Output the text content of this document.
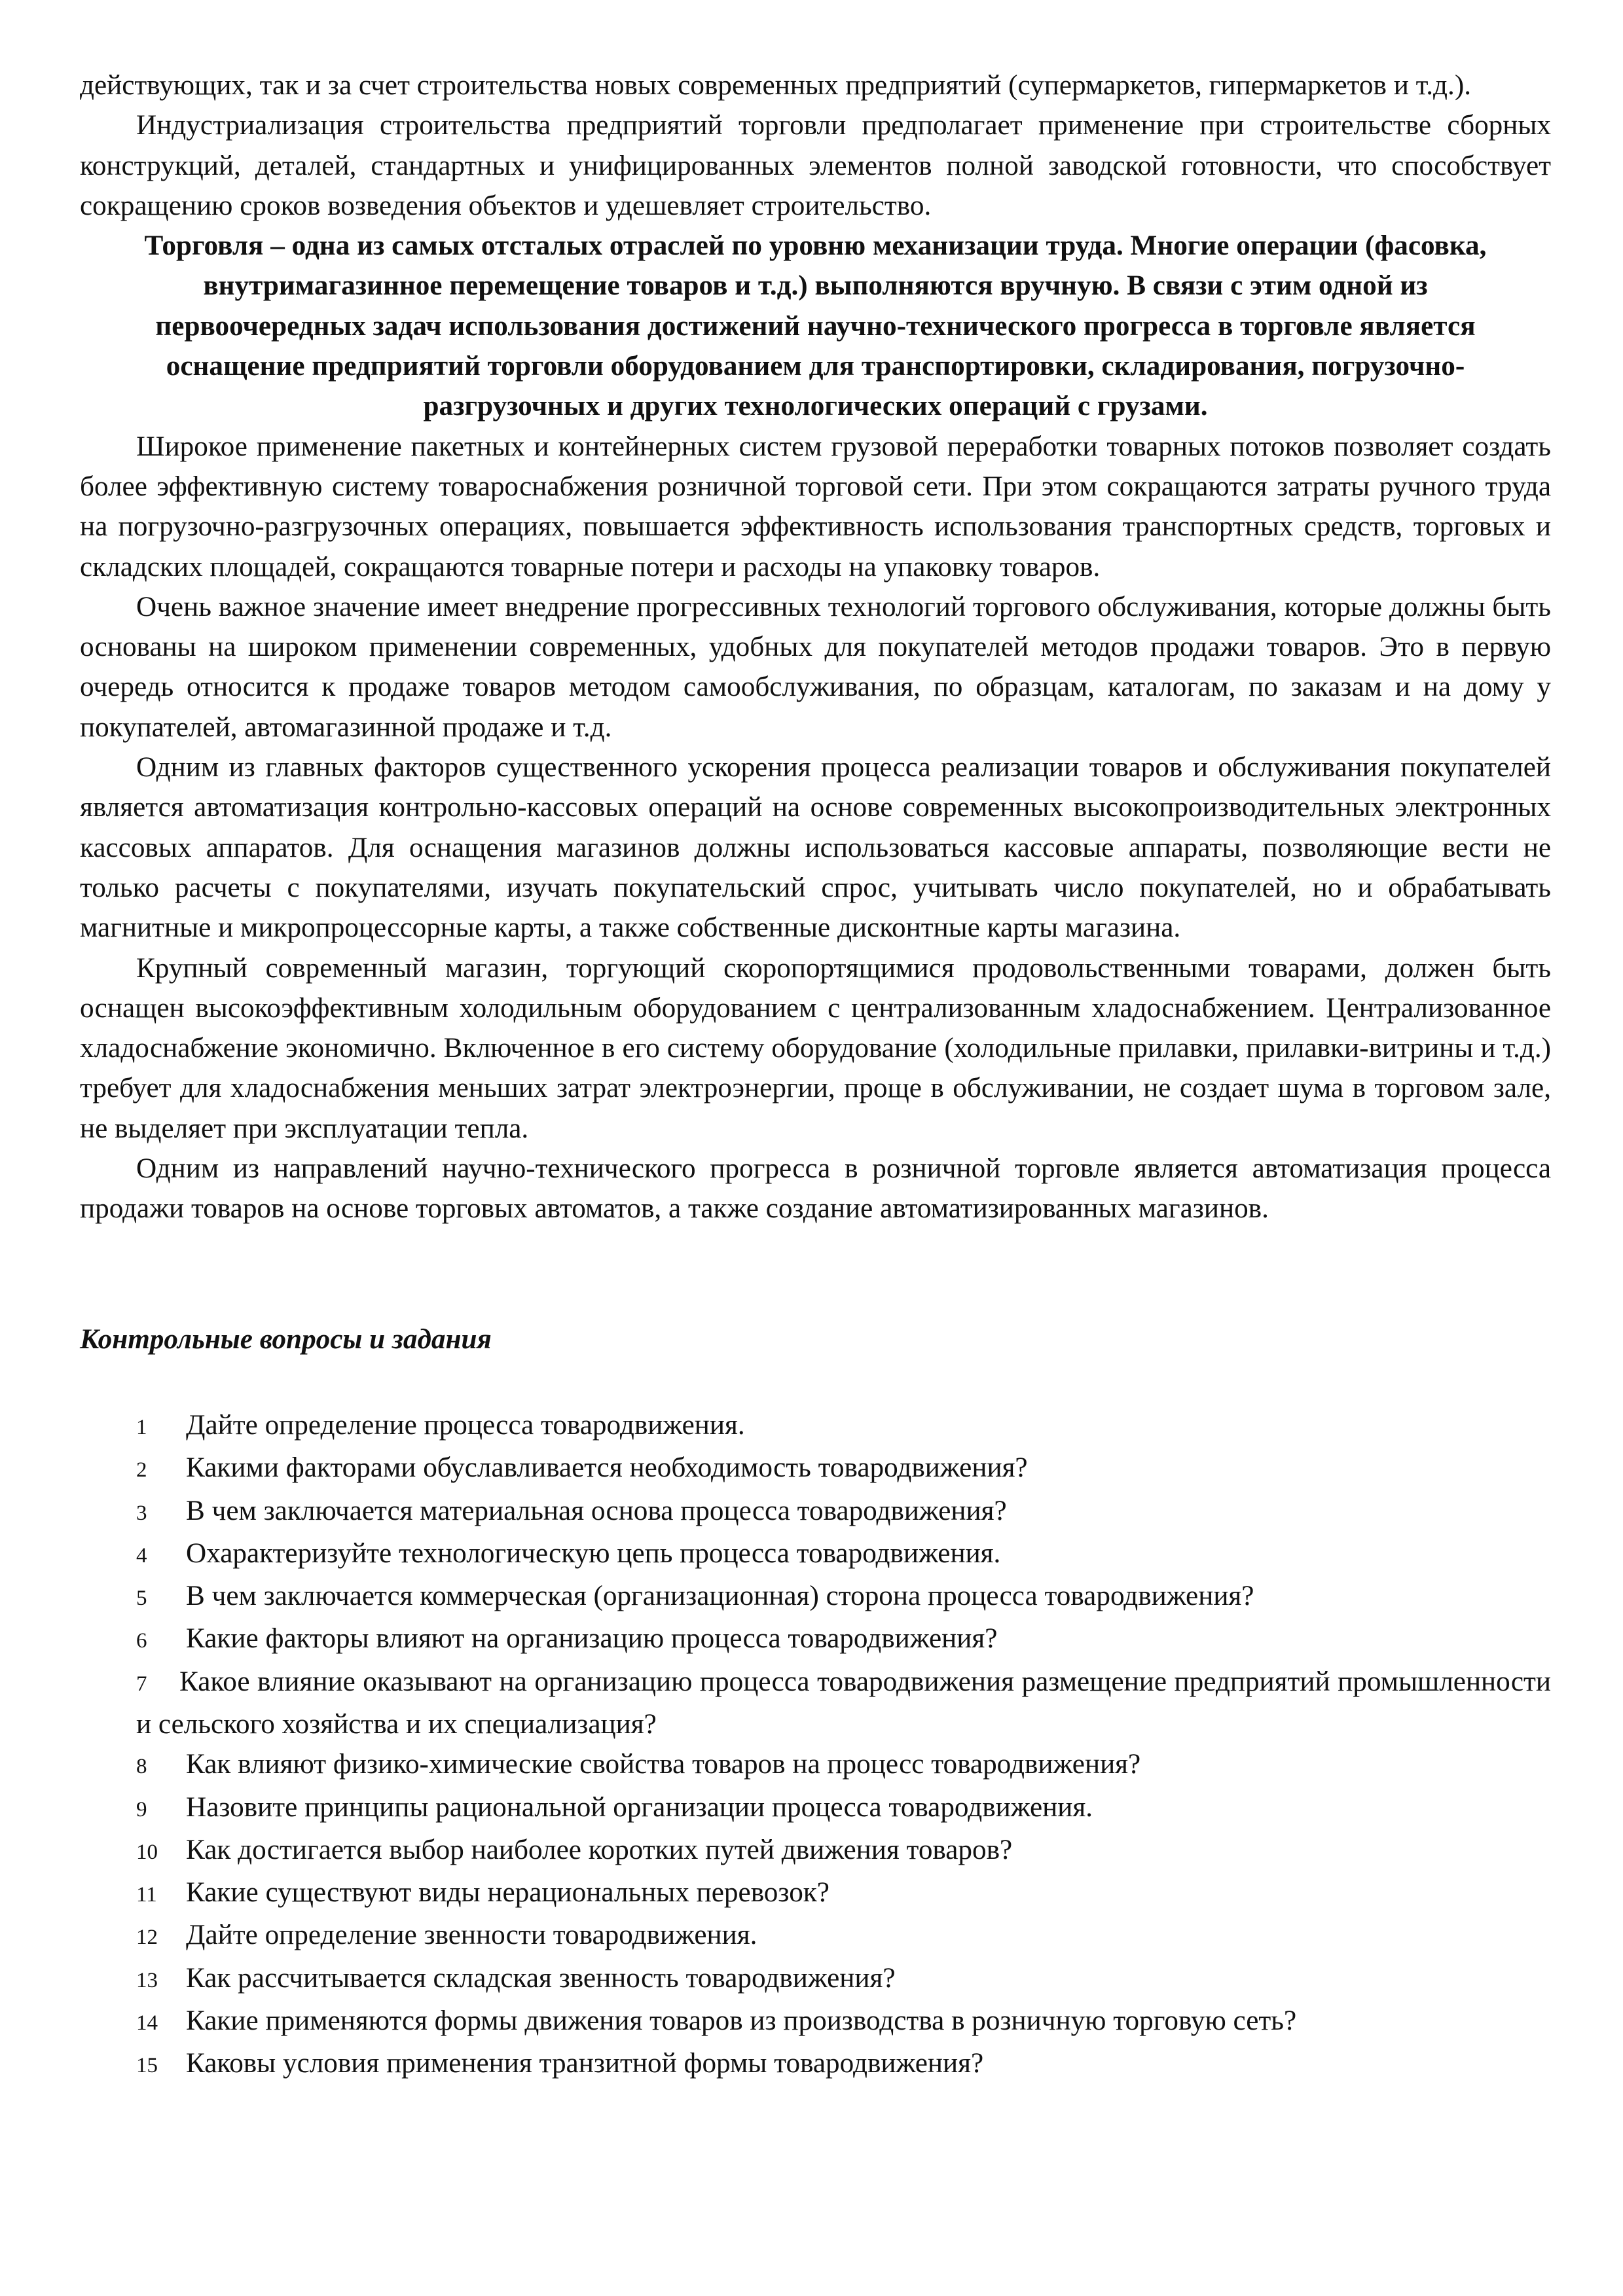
действующих, так и за счет строительства новых современных предприятий (супермаркетов, гипермаркетов и т.д.).

Индустриализация строительства предприятий торговли предполагает применение при строительстве сборных конструкций, деталей, стандартных и унифицированных элементов полной заводской готовности, что способствует сокращению сроков возведения объектов и удешевляет строительство.

Торговля – одна из самых отсталых отраслей по уровню механизации труда. Многие операции (фасовка, внутримагазинное перемещение товаров и т.д.) выполняются вручную. В связи с этим одной из первоочередных задач использования достижений научно-технического прогресса в торговле является оснащение предприятий торговли оборудованием для транспортировки, складирования, погрузочно-разгрузочных и других технологических операций с грузами.

Широкое применение пакетных и контейнерных систем грузовой переработки товарных потоков позволяет создать более эффективную систему товароснабжения розничной торговой сети. При этом сокращаются затраты ручного труда на погрузочно-разгрузочных операциях, повышается эффективность использования транспортных средств, торговых и складских площадей, сокращаются товарные потери и расходы на упаковку товаров.

Очень важное значение имеет внедрение прогрессивных технологий торгового обслуживания, которые должны быть основаны на широком применении современных, удобных для покупателей методов продажи товаров. Это в первую очередь относится к продаже товаров методом самообслуживания, по образцам, каталогам, по заказам и на дому у покупателей, автомагазинной продаже и т.д.

Одним из главных факторов существенного ускорения процесса реализации товаров и обслуживания покупателей является автоматизация контрольно-кассовых операций на основе современных высокопроизводительных электронных кассовых аппаратов. Для оснащения магазинов должны использоваться кассовые аппараты, позволяющие вести не только расчеты с покупателями, изучать покупательский спрос, учитывать число покупателей, но и обрабатывать магнитные и микропроцессорные карты, а также собственные дисконтные карты магазина.

Крупный современный магазин, торгующий скоропортящимися продовольственными товарами, должен быть оснащен высокоэффективным холодильным оборудованием с централизованным хладоснабжением. Централизованное хладоснабжение экономично. Включенное в его систему оборудование (холодильные прилавки, прилавки-витрины и т.д.) требует для хладоснабжения меньших затрат электроэнергии, проще в обслуживании, не создает шума в торговом зале, не выделяет при эксплуатации тепла.

Одним из направлений научно-технического прогресса в розничной торговле является автоматизация процесса продажи товаров на основе торговых автоматов, а также создание автоматизированных магазинов.

Контрольные вопросы и задания

1	Дайте определение процесса товародвижения.
2	Какими факторами обуславливается необходимость товародвижения?
3	В чем заключается материальная основа процесса товародвижения?
4	Охарактеризуйте технологическую цепь процесса товародвижения.
5	В чем заключается коммерческая (организационная) сторона процесса товародвижения?
6	Какие факторы влияют на организацию процесса товародвижения?
7 Какое влияние оказывают на организацию процесса товародвижения размещение предприятий промышленности и сельского хозяйства и их специализация?
8	Как влияют физико-химические свойства товаров на процесс товародвижения?
9	Назовите принципы рациональной организации процесса товародвижения.
10 Как достигается выбор наиболее коротких путей движения товаров?
11	Какие существуют виды нерациональных перевозок?
12 Дайте определение звенности товародвижения.
13 Как рассчитывается складская звенность товародвижения?
14 Какие применяются формы движения товаров из производства в розничную торговую сеть?
15 Каковы условия применения транзитной формы товародвижения?
